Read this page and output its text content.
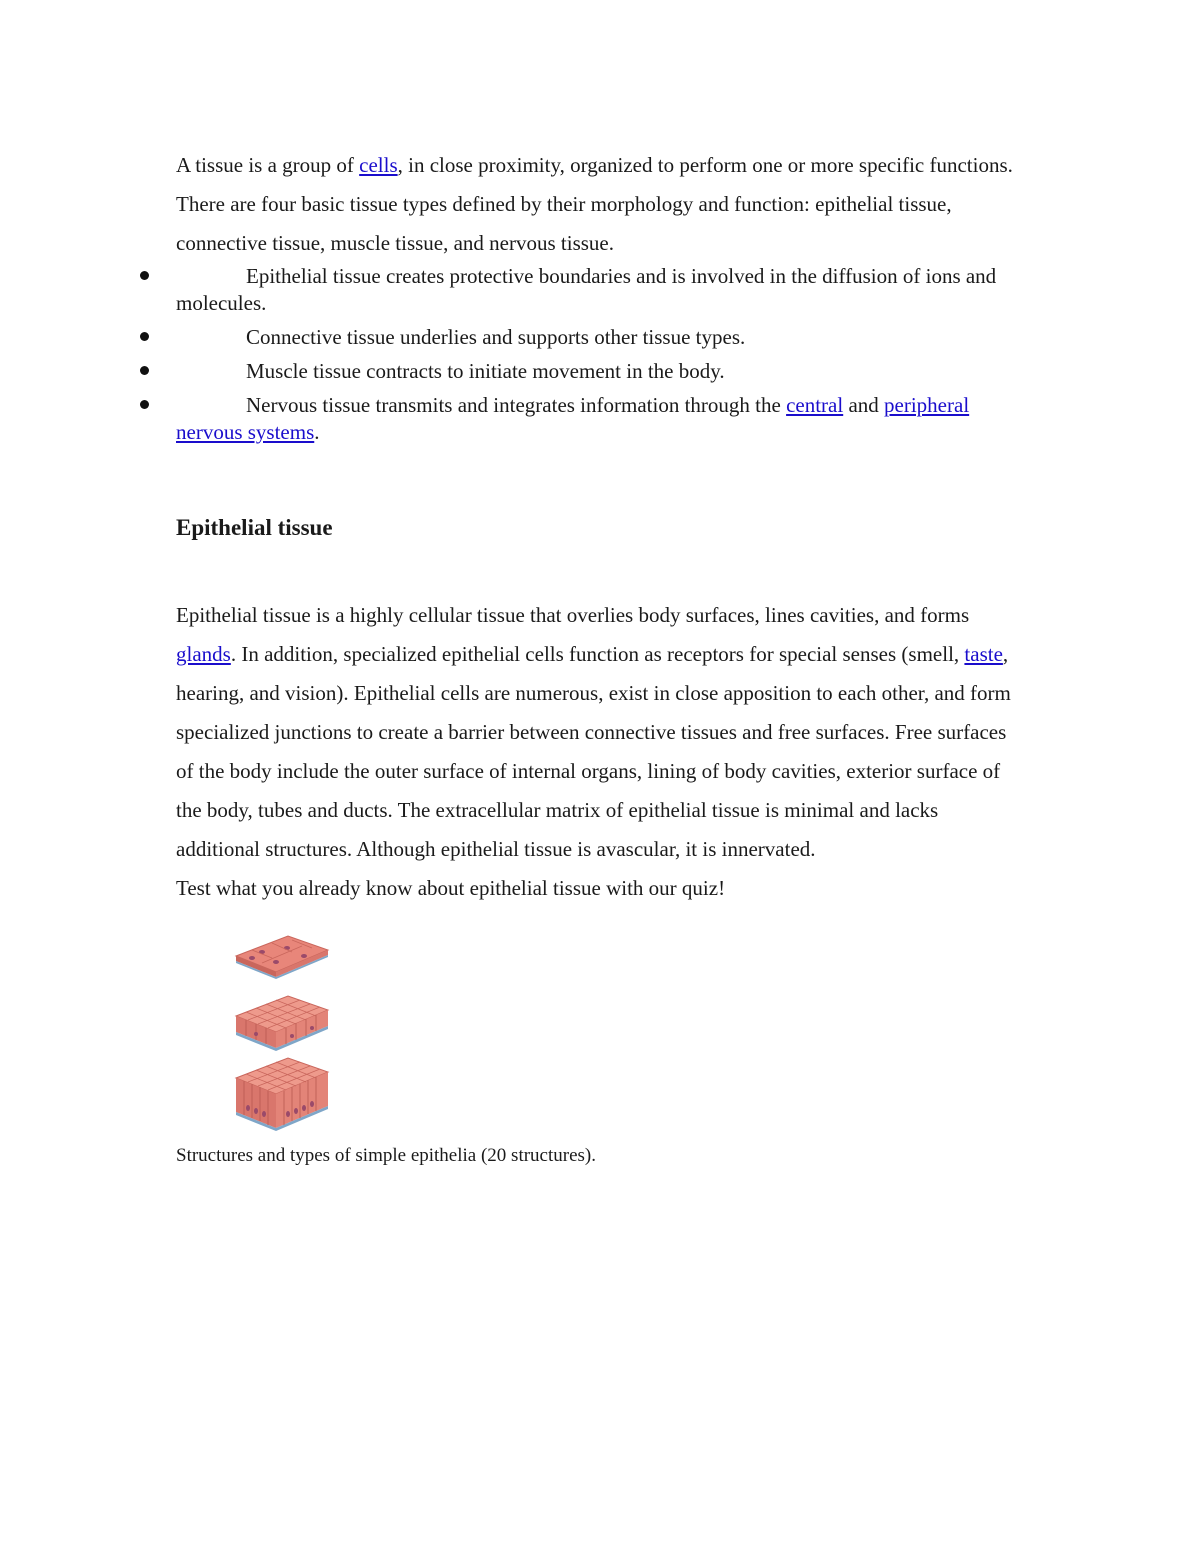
A tissue is a group of cells, in close proximity, organized to perform one or more specific functions.

There are four basic tissue types defined by their morphology and function: epithelial tissue, connective tissue, muscle tissue, and nervous tissue.

Epithelial tissue creates protective boundaries and is involved in the diffusion of ions and molecules.
Connective tissue underlies and supports other tissue types.
Muscle tissue contracts to initiate movement in the body.
Nervous tissue transmits and integrates information through the central and peripheral nervous systems.
Epithelial tissue

Epithelial tissue is a highly cellular tissue that overlies body surfaces, lines cavities, and forms glands. In addition, specialized epithelial cells function as receptors for special senses (smell, taste, hearing, and vision). Epithelial cells are numerous, exist in close apposition to each other, and form specialized junctions to create a barrier between connective tissues and free surfaces. Free surfaces of the body include the outer surface of internal organs, lining of body cavities, exterior surface of the body, tubes and ducts. The extracellular matrix of epithelial tissue is minimal and lacks additional structures. Although epithelial tissue is avascular, it is innervated.

Test what you already know about epithelial tissue with our quiz!

Structures and types of simple epithelia (20 structures).
